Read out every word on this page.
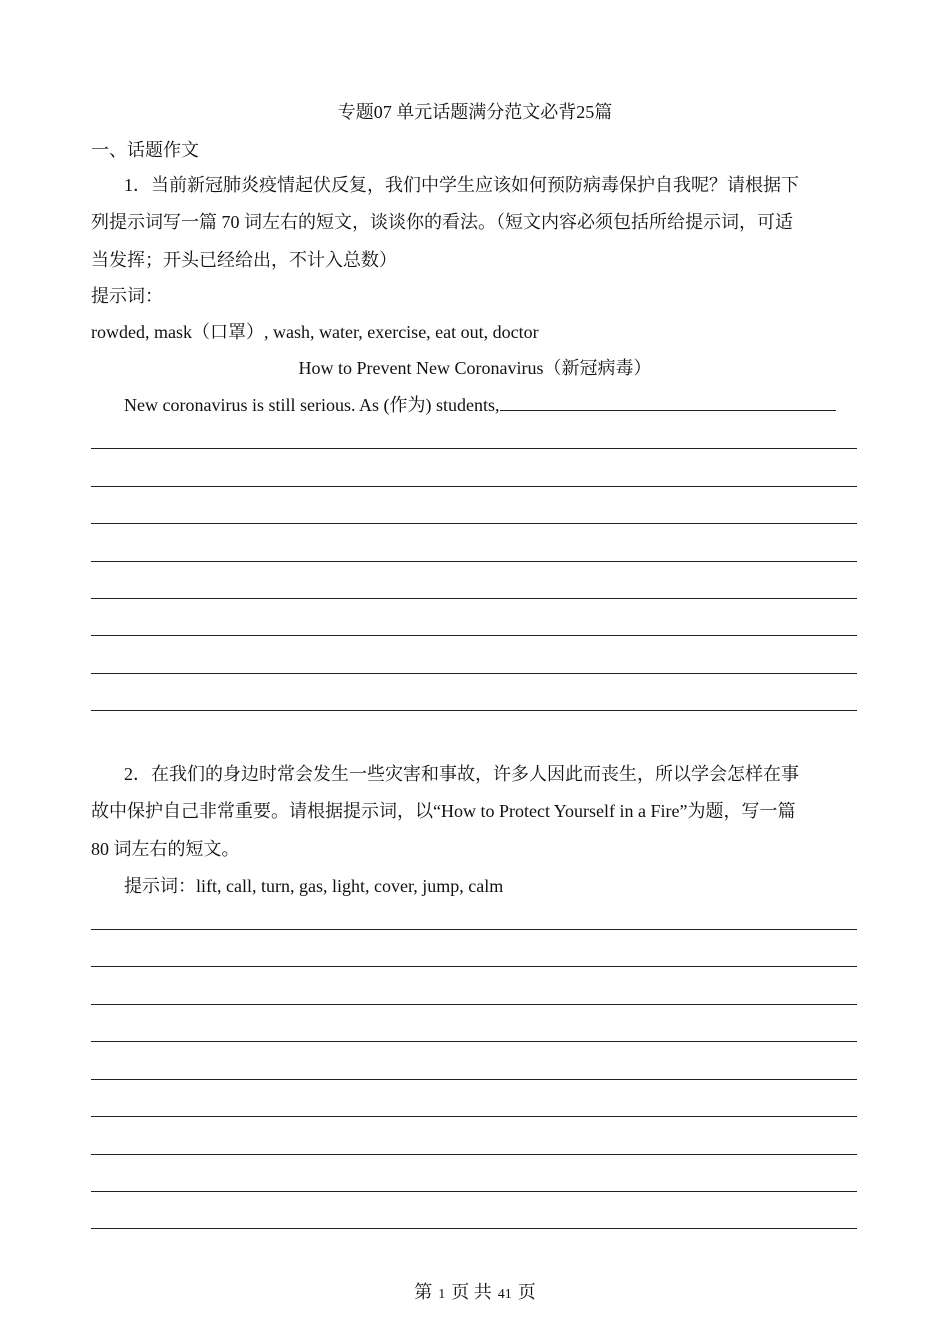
专题07 单元话题满分范文必背25篇
一、话题作文
1．当前新冠肺炎疫情起伏反复，我们中学生应该如何预防病毒保护自我呢？请根据下
列提示词写一篇 70 词左右的短文，谈谈你的看法。（短文内容必须包括所给提示词，可适
当发挥；开头已经给出，不计入总数）
提示词：
rowded, mask（口罩）, wash, water, exercise, eat out, doctor
How to Prevent New Coronavirus（新冠病毒）
New coronavirus is still serious. As (作为) students,
2．在我们的身边时常会发生一些灾害和事故，许多人因此而丧生，所以学会怎样在事
故中保护自己非常重要。请根据提示词，以“How to Protect Yourself in a Fire”为题，写一篇
80 词左右的短文。
提示词：lift, call, turn, gas, light, cover, jump, calm
第 1 页 共 41 页
